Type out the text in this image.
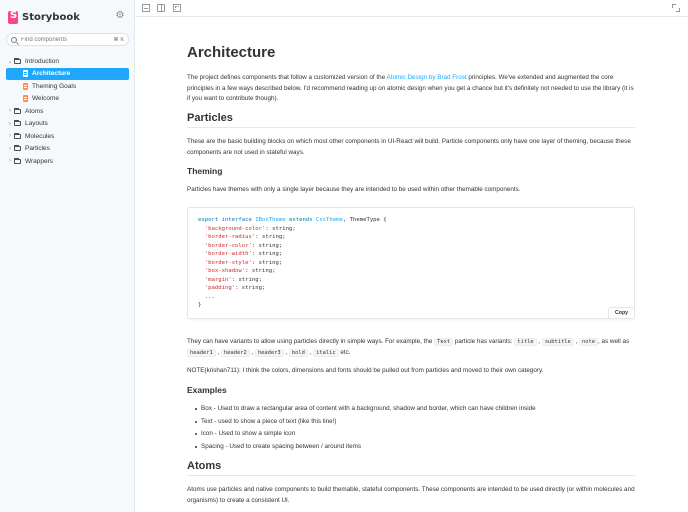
S
Storybook	⚙
Find components
⌘ K
⌄ Introduction
Architecture
Theming Goals
Welcome
›	Atoms
›	Layouts
›	Molecules
›	Particles
›	Wrappers
Architecture
The project defines components that follow a customized version of the Atomic Design by Brad Frost principles. We've extended and augmented the core principles in a few ways described below. I'd recommend reading up on atomic design when you get a chance but it's definitely not needed to use the library (it is if you want to contribute though).
Particles
These are the basic building blocks on which most other components in UI-React will build. Particle components only have one layer of theming, because these components are not used in stateful ways.
Theming
Particles have themes with only a single layer because they are intended to be used within other themable components.
export interface IBoxTheme extends CssTheme, ThemeType {
'background-color': string;
'border-radius': string;
'border-color': string;
'border-width': string;
'border-style': string;
'box-shadow': string;
'margin': string;
'padding': string;
...
}
Copy
They can have variants to allow using particles directly in simple ways. For example, the Text particle has variants: title , subtitle , note , as well as header1 , header2 , header3 , bold , italic etc.
NOTE(krishan711): I think the colors, dimensions and fonts should be pulled out from particles and moved to their own category.
Examples
Box - Used to draw a rectangular area of content with a background, shadow and border, which can have children inside
Text - used to show a piece of text (like this line!)
Icon - Used to show a simple icon
Spacing - Used to create spacing between / around items
Atoms
Atoms use particles and native components to build themable, stateful components. These components are intended to be used directly (or within molecules and organisms) to create a consistent UI.
